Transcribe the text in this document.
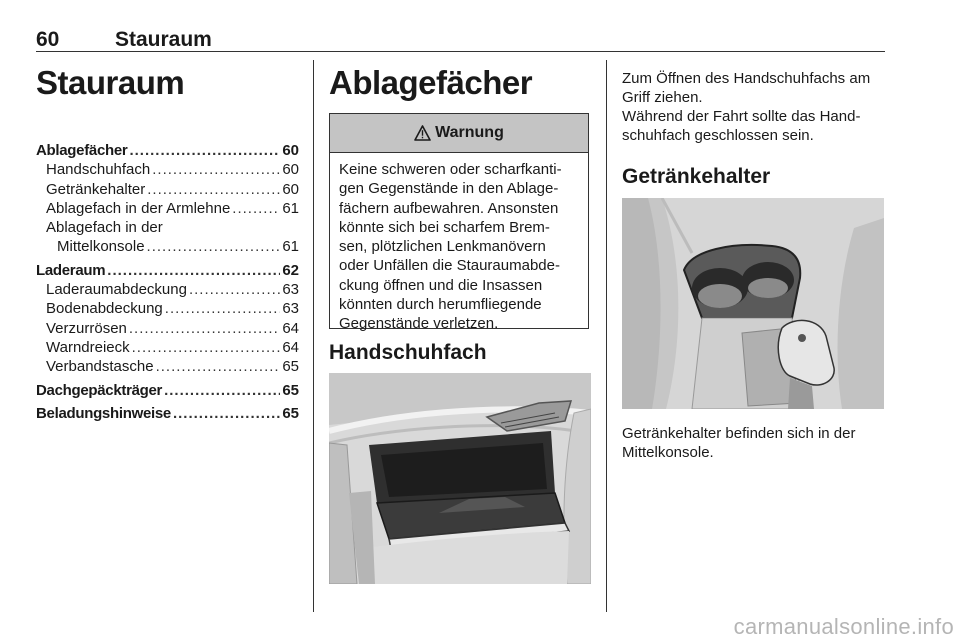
60	Stauraum
Stauraum
Ablagefächer .....	60
Handschuhfach .....	60
Getränkehalter .....	60
Ablagefach in der Armlehne .....	61
Ablagefach in der
Mittelkonsole .....	61
Laderaum .....	62
Laderaumabdeckung .....	63
Bodenabdeckung .....	63
Verzurrösen .....	64
Warndreieck .....	64
Verbandstasche .....	65
Dachgepäckträger .....	65
Beladungshinweise .....	65
Ablagefächer
Warnung
Keine schweren oder scharfkanti-
gen Gegenstände in den Ablage-
fächern aufbewahren. Ansonsten
könnte sich bei scharfem Brem-
sen, plötzlichen Lenkmanövern
oder Unfällen die Stauraumabde-
ckung öffnen und die Insassen
könnten durch herumfliegende
Gegenstände verletzen.
Handschuhfach
Zum Öffnen des Handschuhfachs am
Griff ziehen.
Während der Fahrt sollte das Hand-
schuhfach geschlossen sein.
Getränkehalter
Getränkehalter befinden sich in der
Mittelkonsole.
carmanualsonline.info
